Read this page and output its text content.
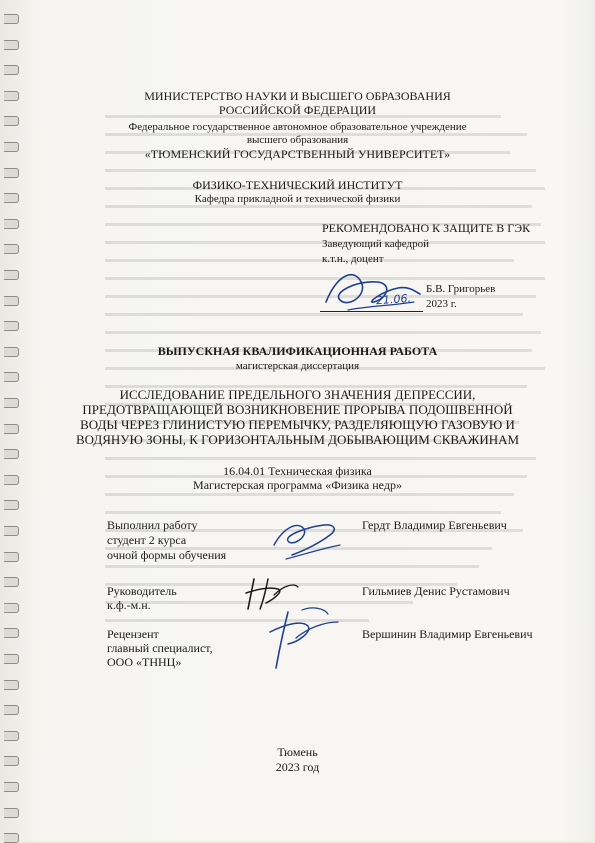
МИНИСТЕРСТВО НАУКИ И ВЫСШЕГО ОБРАЗОВАНИЯ
РОССИЙСКОЙ ФЕДЕРАЦИИ
Федеральное государственное автономное образовательное учреждение
высшего образования
«ТЮМЕНСКИЙ ГОСУДАРСТВЕННЫЙ УНИВЕРСИТЕТ»
ФИЗИКО-ТЕХНИЧЕСКИЙ ИНСТИТУТ
Кафедра прикладной и технической физики
РЕКОМЕНДОВАНО К ЗАЩИТЕ В ГЭК
Заведующий кафедрой
к.т.н., доцент
21.06.
Б.В. Григорьев
2023 г.
ВЫПУСКНАЯ КВАЛИФИКАЦИОННАЯ РАБОТА
магистерская диссертация
ИССЛЕДОВАНИЕ ПРЕДЕЛЬНОГО ЗНАЧЕНИЯ ДЕПРЕССИИ,
ПРЕДОТВРАЩАЮЩЕЙ ВОЗНИКНОВЕНИЕ ПРОРЫВА ПОДОШВЕННОЙ
ВОДЫ ЧЕРЕЗ ГЛИНИСТУЮ ПЕРЕМЫЧКУ, РАЗДЕЛЯЮЩУЮ ГАЗОВУЮ И
ВОДЯНУЮ ЗОНЫ, К ГОРИЗОНТАЛЬНЫМ ДОБЫВАЮЩИМ СКВАЖИНАМ
16.04.01 Техническая физика
Магистерская программа «Физика недр»
Выполнил работу
студент 2 курса
очной формы обучения
Гердт Владимир Евгеньевич
Руководитель
к.ф.-м.н.
Гильмиев Денис Рустамович
Рецензент
главный специалист,
ООО «ТННЦ»
Вершинин Владимир Евгеньевич
Тюмень
2023 год
